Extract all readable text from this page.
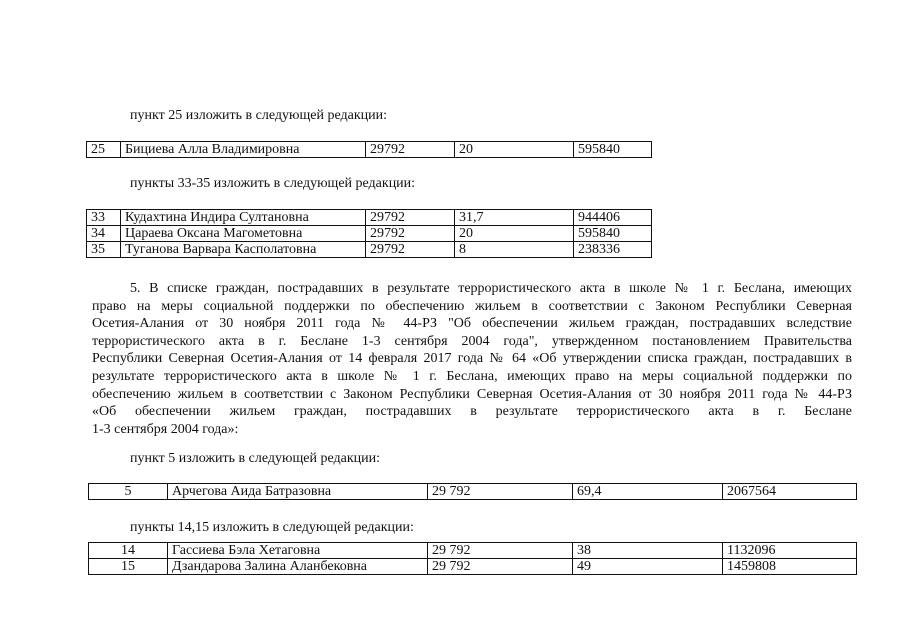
пункт 25 изложить в следующей редакции:
25	Бициева Алла Владимировна	29792	20	595840
пункты 33-35 изложить в следующей редакции:
33	Кудахтина Индира Султановна	29792	31,7	944406
34	Цараева Оксана Магометовна	29792	20	595840
35	Туганова Варвара Касполатовна	29792	8	238336
5. В списке граждан, пострадавших в результате террористического акта в школе № 1 г. Беслана, имеющих
право на меры социальной поддержки по обеспечению жильем в соответствии с Законом Республики Северная
Осетия-Алания от 30 ноября 2011 года № 44-РЗ "Об обеспечении жильем граждан, пострадавших вследствие
террористического акта в г. Беслане 1-3 сентября 2004 года", утвержденном постановлением Правительства
Республики Северная Осетия-Алания от 14 февраля 2017 года № 64 «Об утверждении списка граждан, пострадавших в
результате террористического акта в школе № 1 г. Беслана, имеющих право на меры социальной поддержки по
обеспечению жильем в соответствии с Законом Республики Северная Осетия-Алания от 30 ноября 2011 года № 44-РЗ
«Об обеспечении жильем граждан, пострадавших в результате террористического акта в г. Беслане
1-3 сентября 2004 года»:
пункт 5 изложить в следующей редакции:
5	Арчегова Аида Батразовна	29 792	69,4	2067564
пункты 14,15 изложить в следующей редакции:
14	Гассиева Бэла Хетаговна	29 792	38	1132096
15	Дзандарова Залина Аланбековна	29 792	49	1459808
